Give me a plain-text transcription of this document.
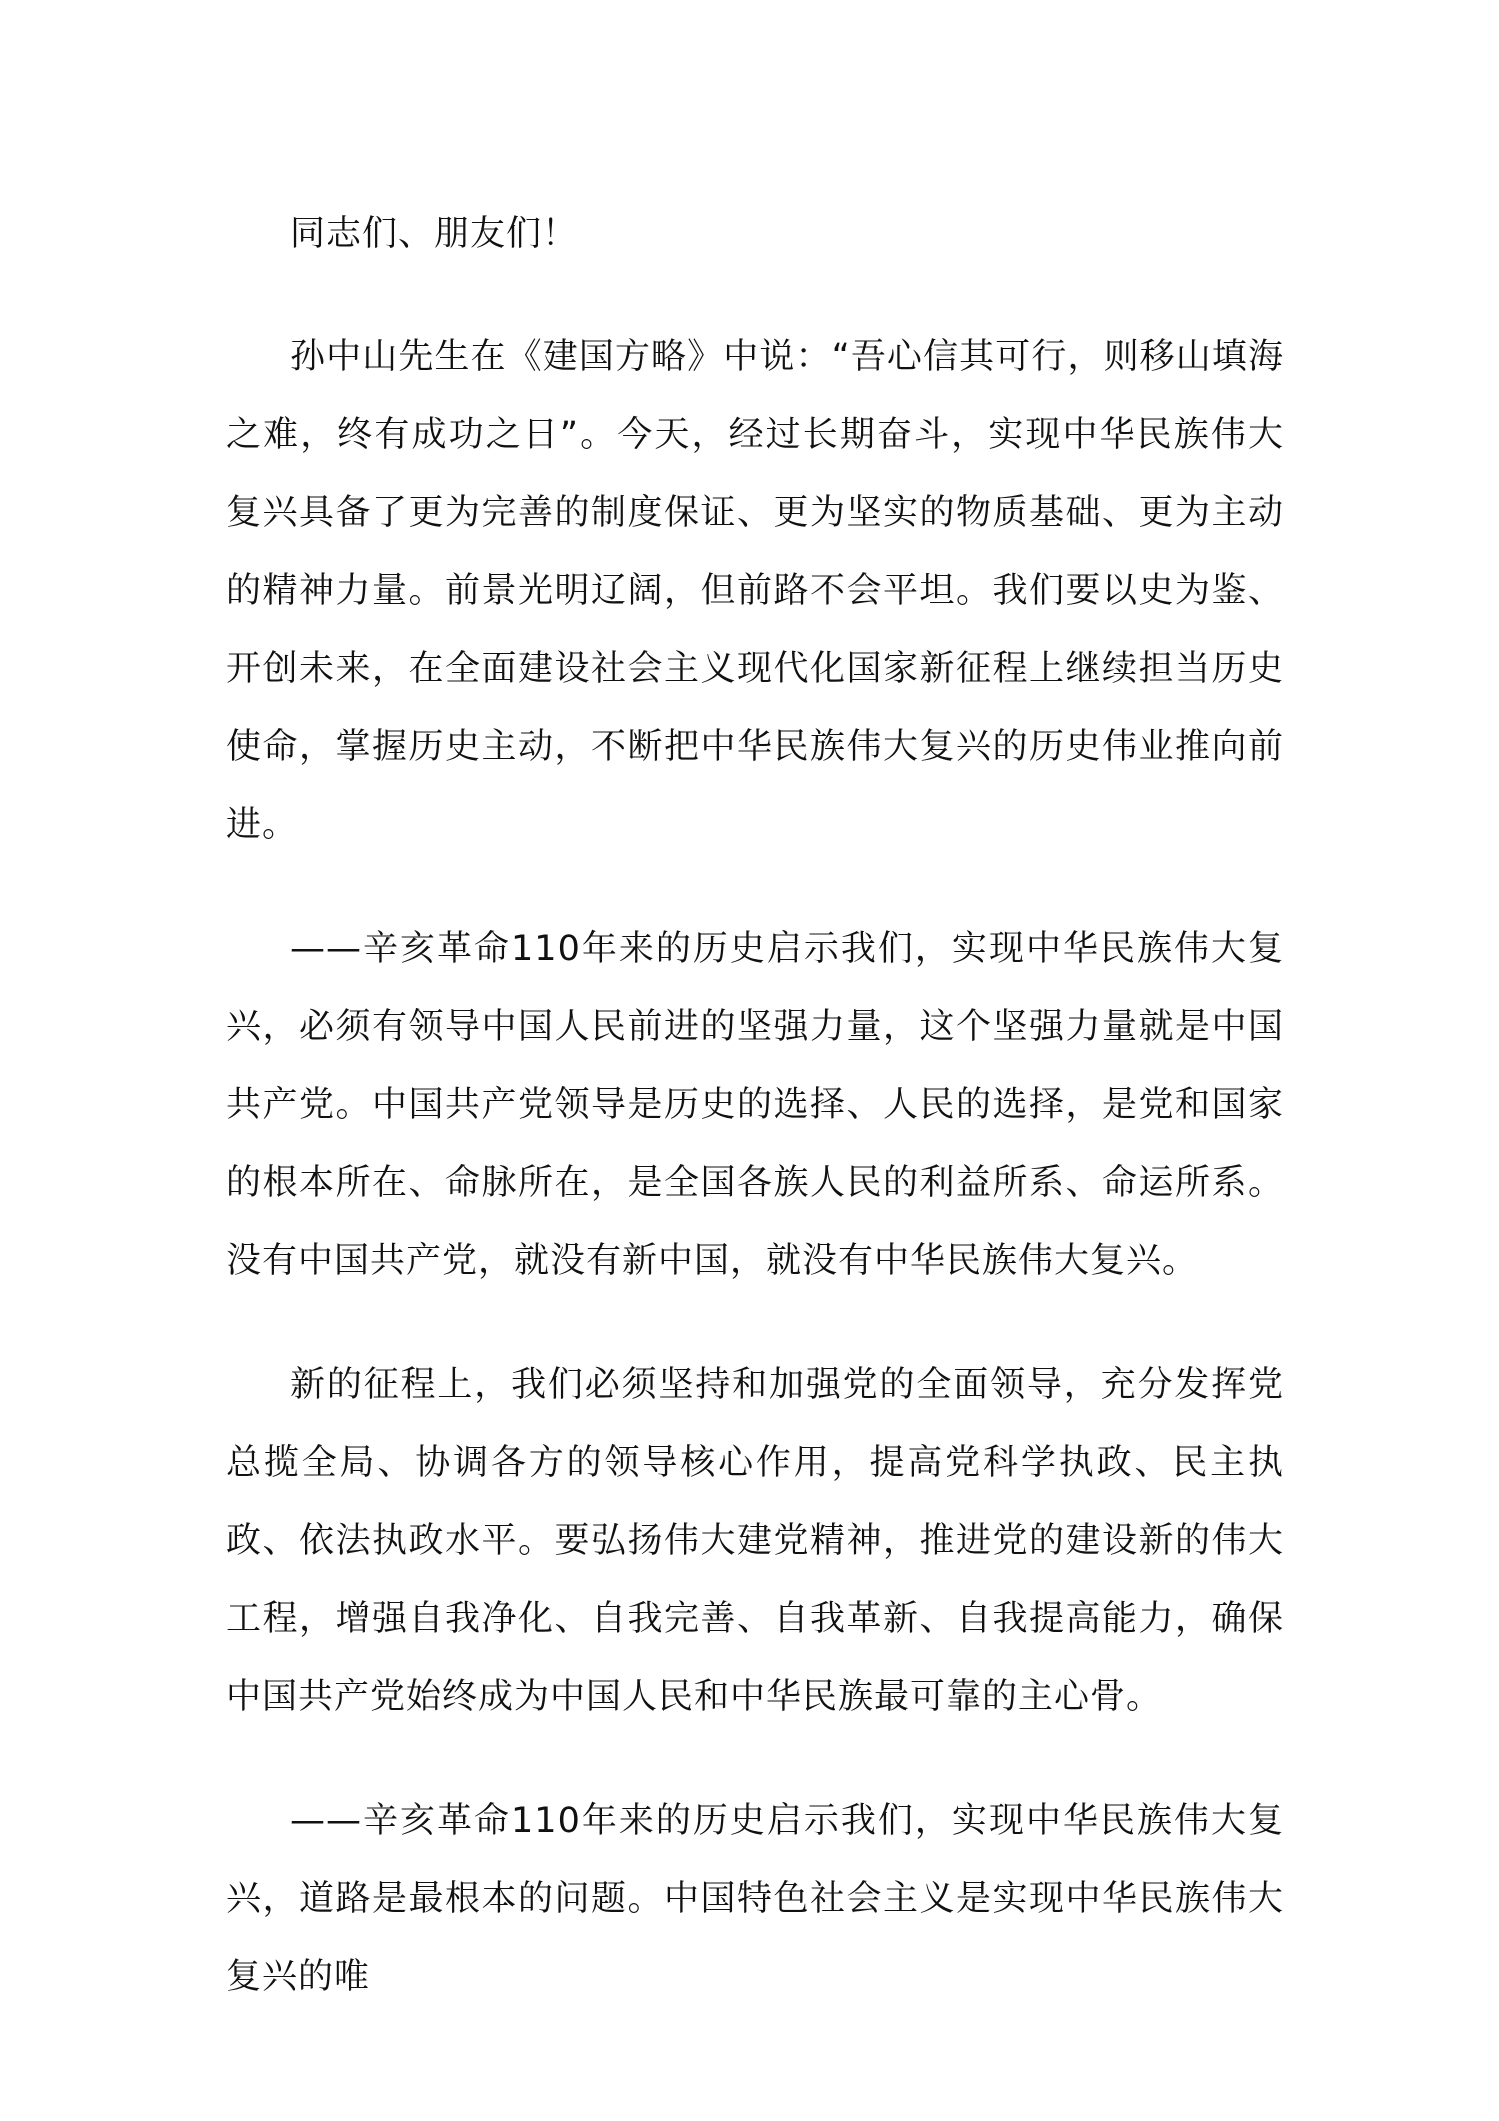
同志们、朋友们！

孙中山先生在《建国方略》中说：“吾心信其可行，则移山填海之难，终有成功之日”。今天，经过长期奋斗，实现中华民族伟大复兴具备了更为完善的制度保证、更为坚实的物质基础、更为主动的精神力量。前景光明辽阔，但前路不会平坦。我们要以史为鉴、开创未来，在全面建设社会主义现代化国家新征程上继续担当历史使命，掌握历史主动，不断把中华民族伟大复兴的历史伟业推向前进。

——辛亥革命110年来的历史启示我们，实现中华民族伟大复兴，必须有领导中国人民前进的坚强力量，这个坚强力量就是中国共产党。中国共产党领导是历史的选择、人民的选择，是党和国家的根本所在、命脉所在，是全国各族人民的利益所系、命运所系。没有中国共产党，就没有新中国，就没有中华民族伟大复兴。

新的征程上，我们必须坚持和加强党的全面领导，充分发挥党总揽全局、协调各方的领导核心作用，提高党科学执政、民主执政、依法执政水平。要弘扬伟大建党精神，推进党的建设新的伟大工程，增强自我净化、自我完善、自我革新、自我提高能力，确保中国共产党始终成为中国人民和中华民族最可靠的主心骨。

——辛亥革命110年来的历史启示我们，实现中华民族伟大复兴，道路是最根本的问题。中国特色社会主义是实现中华民族伟大复兴的唯
